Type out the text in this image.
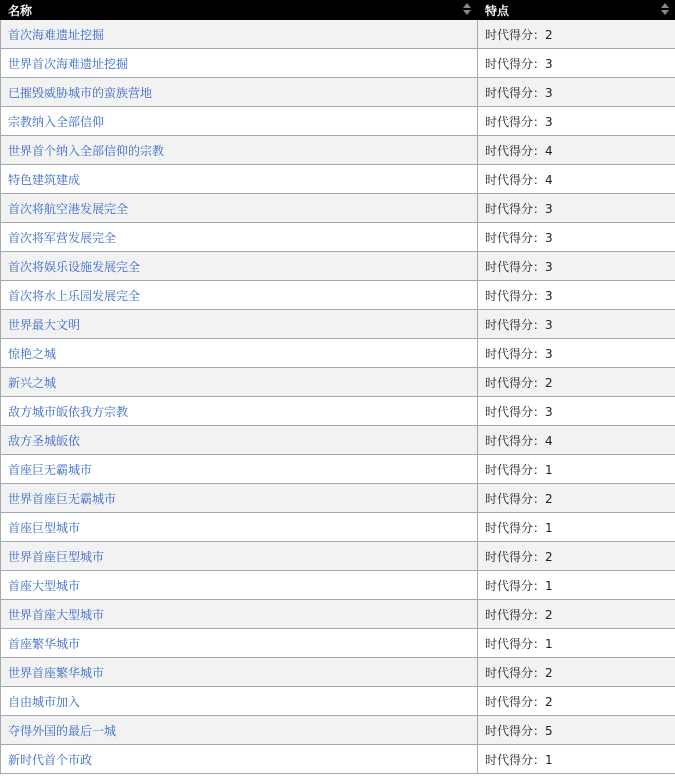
名称	特点

首次海难遗址挖掘	时代得分：2
世界首次海难遗址挖掘	时代得分：3
已摧毁威胁城市的蛮族营地	时代得分：3
宗教纳入全部信仰	时代得分：3
世界首个纳入全部信仰的宗教	时代得分：4
特色建筑建成	时代得分：4
首次将航空港发展完全	时代得分：3
首次将军营发展完全	时代得分：3
首次将娱乐设施发展完全	时代得分：3
首次将水上乐园发展完全	时代得分：3
世界最大文明	时代得分：3
惊艳之城	时代得分：3
新兴之城	时代得分：2
敌方城市皈依我方宗教	时代得分：3
敌方圣城皈依	时代得分：4
首座巨无霸城市	时代得分：1
世界首座巨无霸城市	时代得分：2
首座巨型城市	时代得分：1
世界首座巨型城市	时代得分：2
首座大型城市	时代得分：1
世界首座大型城市	时代得分：2
首座繁华城市	时代得分：1
世界首座繁华城市	时代得分：2
自由城市加入	时代得分：2
夺得外国的最后一城	时代得分：5
新时代首个市政	时代得分：1
